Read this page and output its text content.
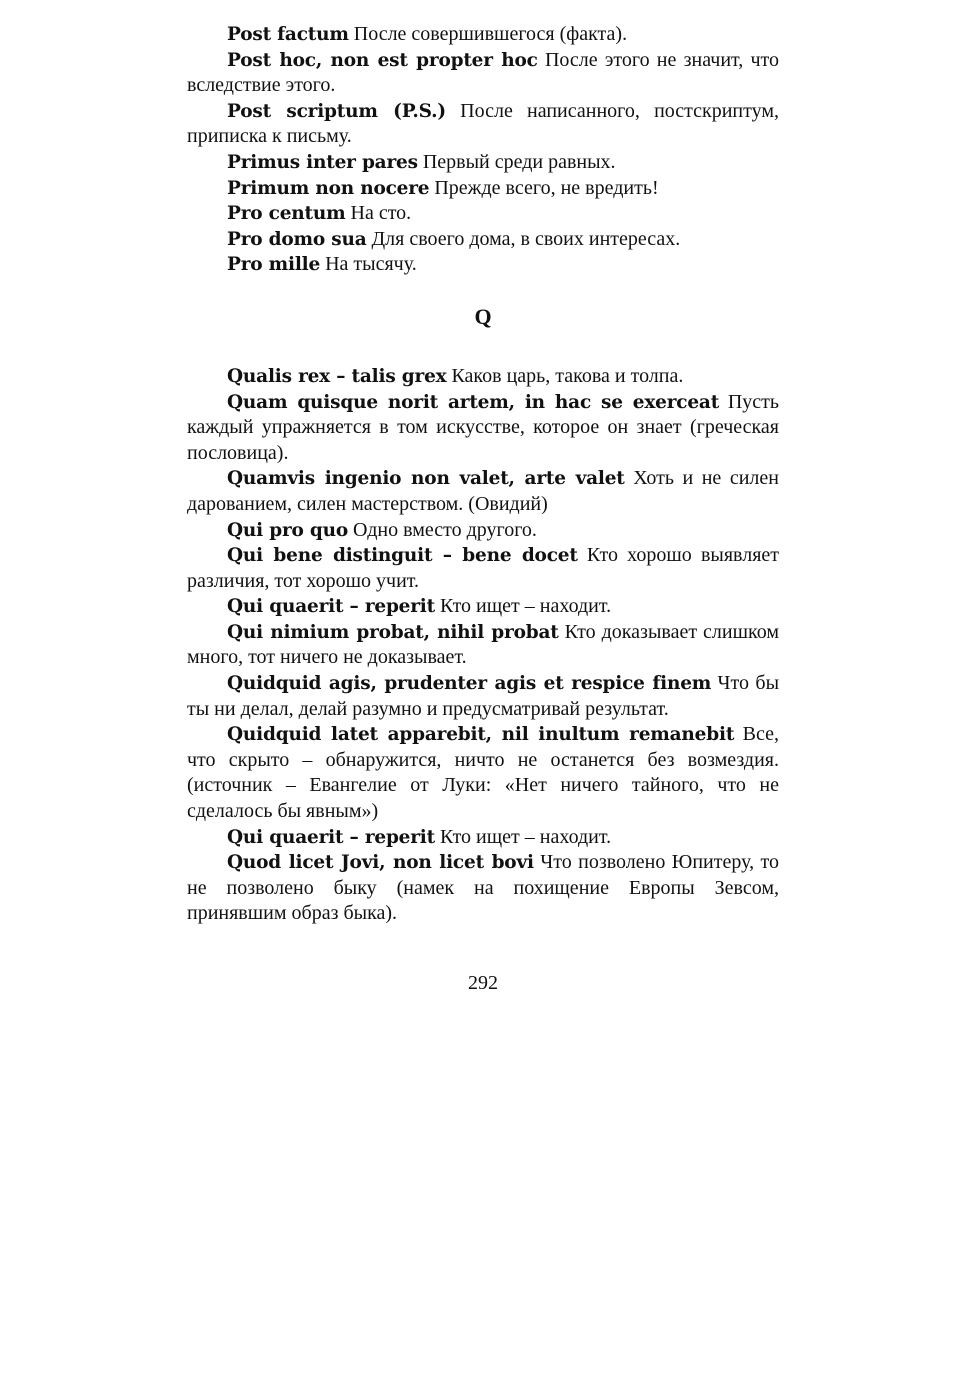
Post factum После совершившегося (факта).

Post hoc, non est propter hoc После этого не значит, что вследствие этого.

Post scriptum (P.S.) После написанного, постскриптум, приписка к письму.

Primus inter pares Первый среди равных.

Primum non nocere Прежде всего, не вредить!

Pro centum На сто.

Pro domo sua Для своего дома, в своих интересах.

Pro mille На тысячу.

Q

Qualis rex – talis grex Каков царь, такова и толпа.

Quam quisque norit artem, in hac se exerceat Пусть каждый упражняется в том искусстве, которое он знает (греческая пословица).

Quamvis ingenio non valet, arte valet Хоть и не силен дарованием, силен мастерством. (Овидий)

Qui pro quo Одно вместо другого.

Qui bene distinguit – bene docet Кто хорошо выявляет различия, тот хорошо учит.

Qui quaerit – reperit Кто ищет – находит.

Qui nimium probat, nihil probat Кто доказывает слишком много, тот ничего не доказывает.

Quidquid agis, prudenter agis et respice finem Что бы ты ни делал, делай разумно и предусматривай результат.

Quidquid latet apparebit, nil inultum remanebit Все, что скрыто – обнаружится, ничто не останется без возмездия. (источник – Евангелие от Луки: «Нет ничего тайного, что не сделалось бы явным»)

Qui quaerit – reperit Кто ищет – находит.

Quod licet Jovi, non licet bovi Что позволено Юпитеру, то не позволено быку (намек на похищение Европы Зевсом, принявшим образ быка).

292
